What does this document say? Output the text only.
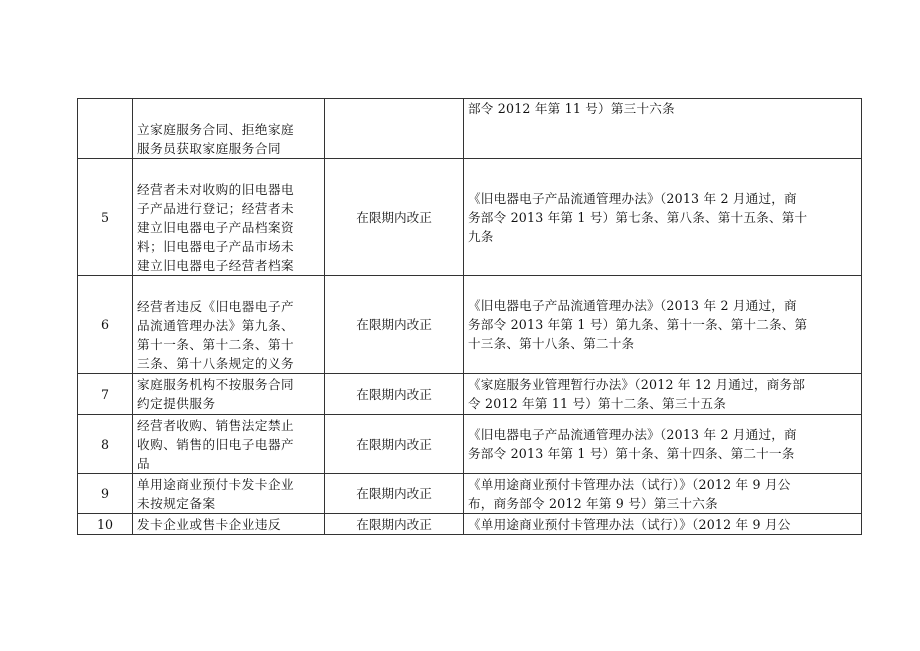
	立家庭服务合同、拒绝家庭
服务员获取家庭服务合同		部令 2012 年第 11 号）第三十六条

5	经营者未对收购的旧电器电
子产品进行登记；经营者未
建立旧电器电子产品档案资
料；旧电器电子产品市场未
建立旧电器电子经营者档案	在限期内改正	《旧电器电子产品流通管理办法》（2013 年 2 月通过，商
务部令 2013 年第 1 号）第七条、第八条、第十五条、第十
九条

6	经营者违反《旧电器电子产
品流通管理办法》第九条、
第十一条、第十二条、第十
三条、第十八条规定的义务	在限期内改正	《旧电器电子产品流通管理办法》（2013 年 2 月通过，商
务部令 2013 年第 1 号）第九条、第十一条、第十二条、第
十三条、第十八条、第二十条

7	家庭服务机构不按服务合同
约定提供服务	在限期内改正	《家庭服务业管理暂行办法》（2012 年 12 月通过，商务部
令 2012 年第 11 号）第十二条、第三十五条

8	经营者收购、销售法定禁止
收购、销售的旧电子电器产
品	在限期内改正	《旧电器电子产品流通管理办法》（2013 年 2 月通过，商
务部令 2013 年第 1 号）第十条、第十四条、第二十一条

9	单用途商业预付卡发卡企业
未按规定备案	在限期内改正	《单用途商业预付卡管理办法（试行）》（2012 年 9 月公
布，商务部令 2012 年第 9 号）第三十六条

10	发卡企业或售卡企业违反	在限期内改正	《单用途商业预付卡管理办法（试行）》（2012 年 9 月公
